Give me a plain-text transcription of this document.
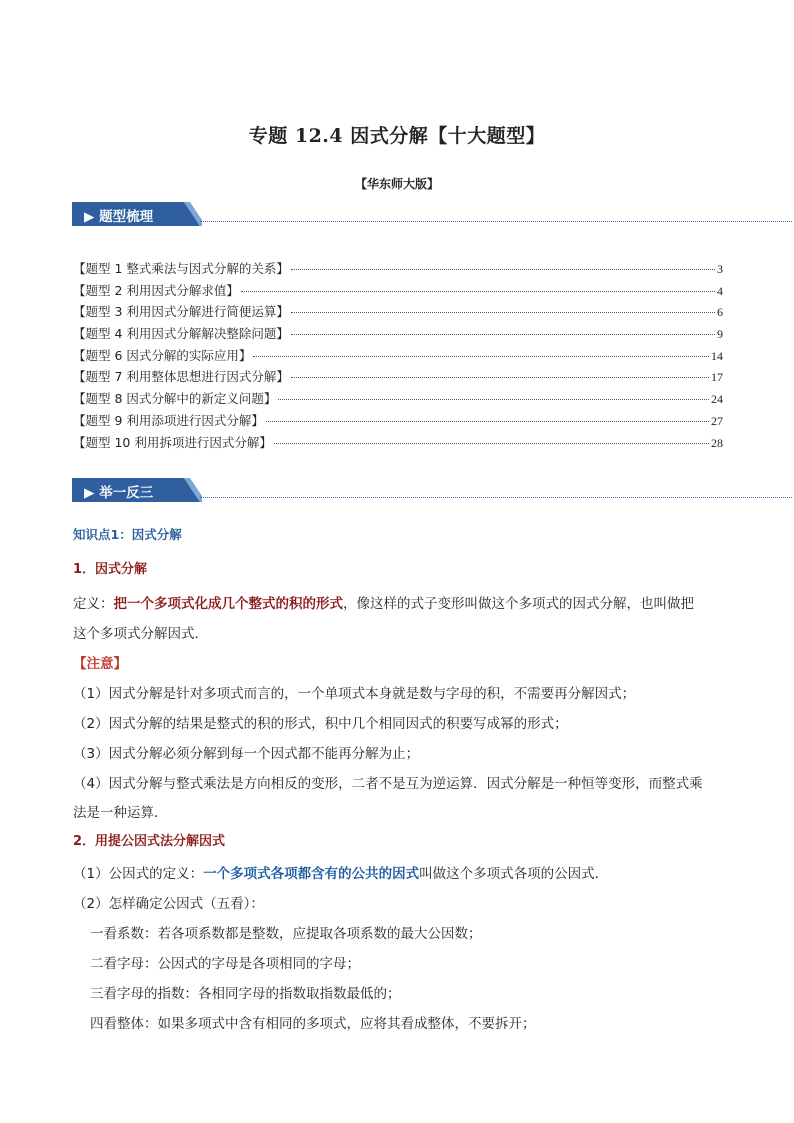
专题 12.4 因式分解【十大题型】
【华东师大版】
▶ 题型梳理
【题型 1 整式乘法与因式分解的关系】	3
【题型 2 利用因式分解求值】	4
【题型 3 利用因式分解进行简便运算】	6
【题型 4 利用因式分解解决整除问题】	9
【题型 6 因式分解的实际应用】	14
【题型 7 利用整体思想进行因式分解】	17
【题型 8 因式分解中的新定义问题】	24
【题型 9 利用添项进行因式分解】	27
【题型 10 利用拆项进行因式分解】	28
▶ 举一反三
知识点1：因式分解
1．因式分解
定义：把一个多项式化成几个整式的积的形式，像这样的式子变形叫做这个多项式的因式分解，也叫做把
这个多项式分解因式．
【注意】
（1）因式分解是针对多项式而言的，一个单项式本身就是数与字母的积，不需要再分解因式；
（2）因式分解的结果是整式的积的形式，积中几个相同因式的积要写成幂的形式；
（3）因式分解必须分解到每一个因式都不能再分解为止；
（4）因式分解与整式乘法是方向相反的变形，二者不是互为逆运算．因式分解是一种恒等变形，而整式乘
法是一种运算．
2．用提公因式法分解因式
（1）公因式的定义：一个多项式各项都含有的公共的因式叫做这个多项式各项的公因式．
（2）怎样确定公因式（五看）：
一看系数：若各项系数都是整数，应提取各项系数的最大公因数；
二看字母：公因式的字母是各项相同的字母；
三看字母的指数：各相同字母的指数取指数最低的；
四看整体：如果多项式中含有相同的多项式，应将其看成整体，不要拆开；
